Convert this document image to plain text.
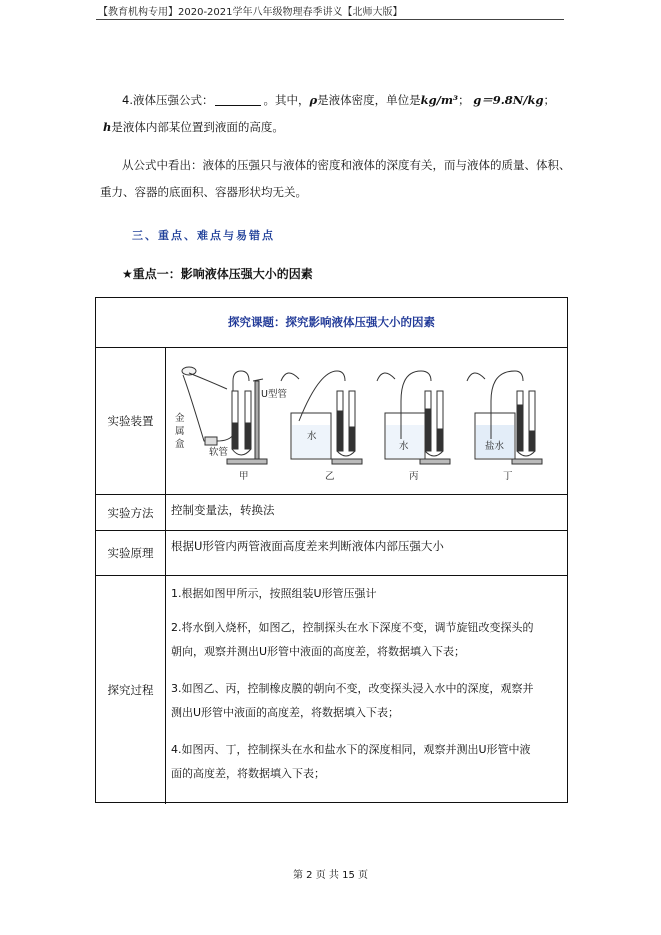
【教育机构专用】2020-2021学年八年级物理春季讲义【北师大版】
4.液体压强公式：	。其中，ρ是液体密度，单位是kg/m³； g＝9.8N/kg；
h是液体内部某位置到液面的高度。
从公式中看出：液体的压强只与液体的密度和液体的深度有关，而与液体的质量、体积、
重力、容器的底面积、容器形状均无关。
三、重点、难点与易错点
★重点一：影响液体压强大小的因素
探究课题：探究影响液体压强大小的因素
实验装置	金
属
盒
软管
U型管
水
水	盐水
甲	乙	丙	丁
实验方法	控制变量法，转换法
实验原理	根据U形管内两管液面高度差来判断液体内部压强大小
探究过程
1.根据如图甲所示，按照组装U形管压强计
2.将水倒入烧杯，如图乙，控制探头在水下深度不变，调节旋钮改变探头的
朝向，观察并测出U形管中液面的高度差，将数据填入下表；
3.如图乙、丙，控制橡皮膜的朝向不变，改变探头浸入水中的深度，观察并
测出U形管中液面的高度差，将数据填入下表；
4.如图丙、丁，控制探头在水和盐水下的深度相同，观察并测出U形管中液
面的高度差，将数据填入下表；
第 2 页 共 15 页
